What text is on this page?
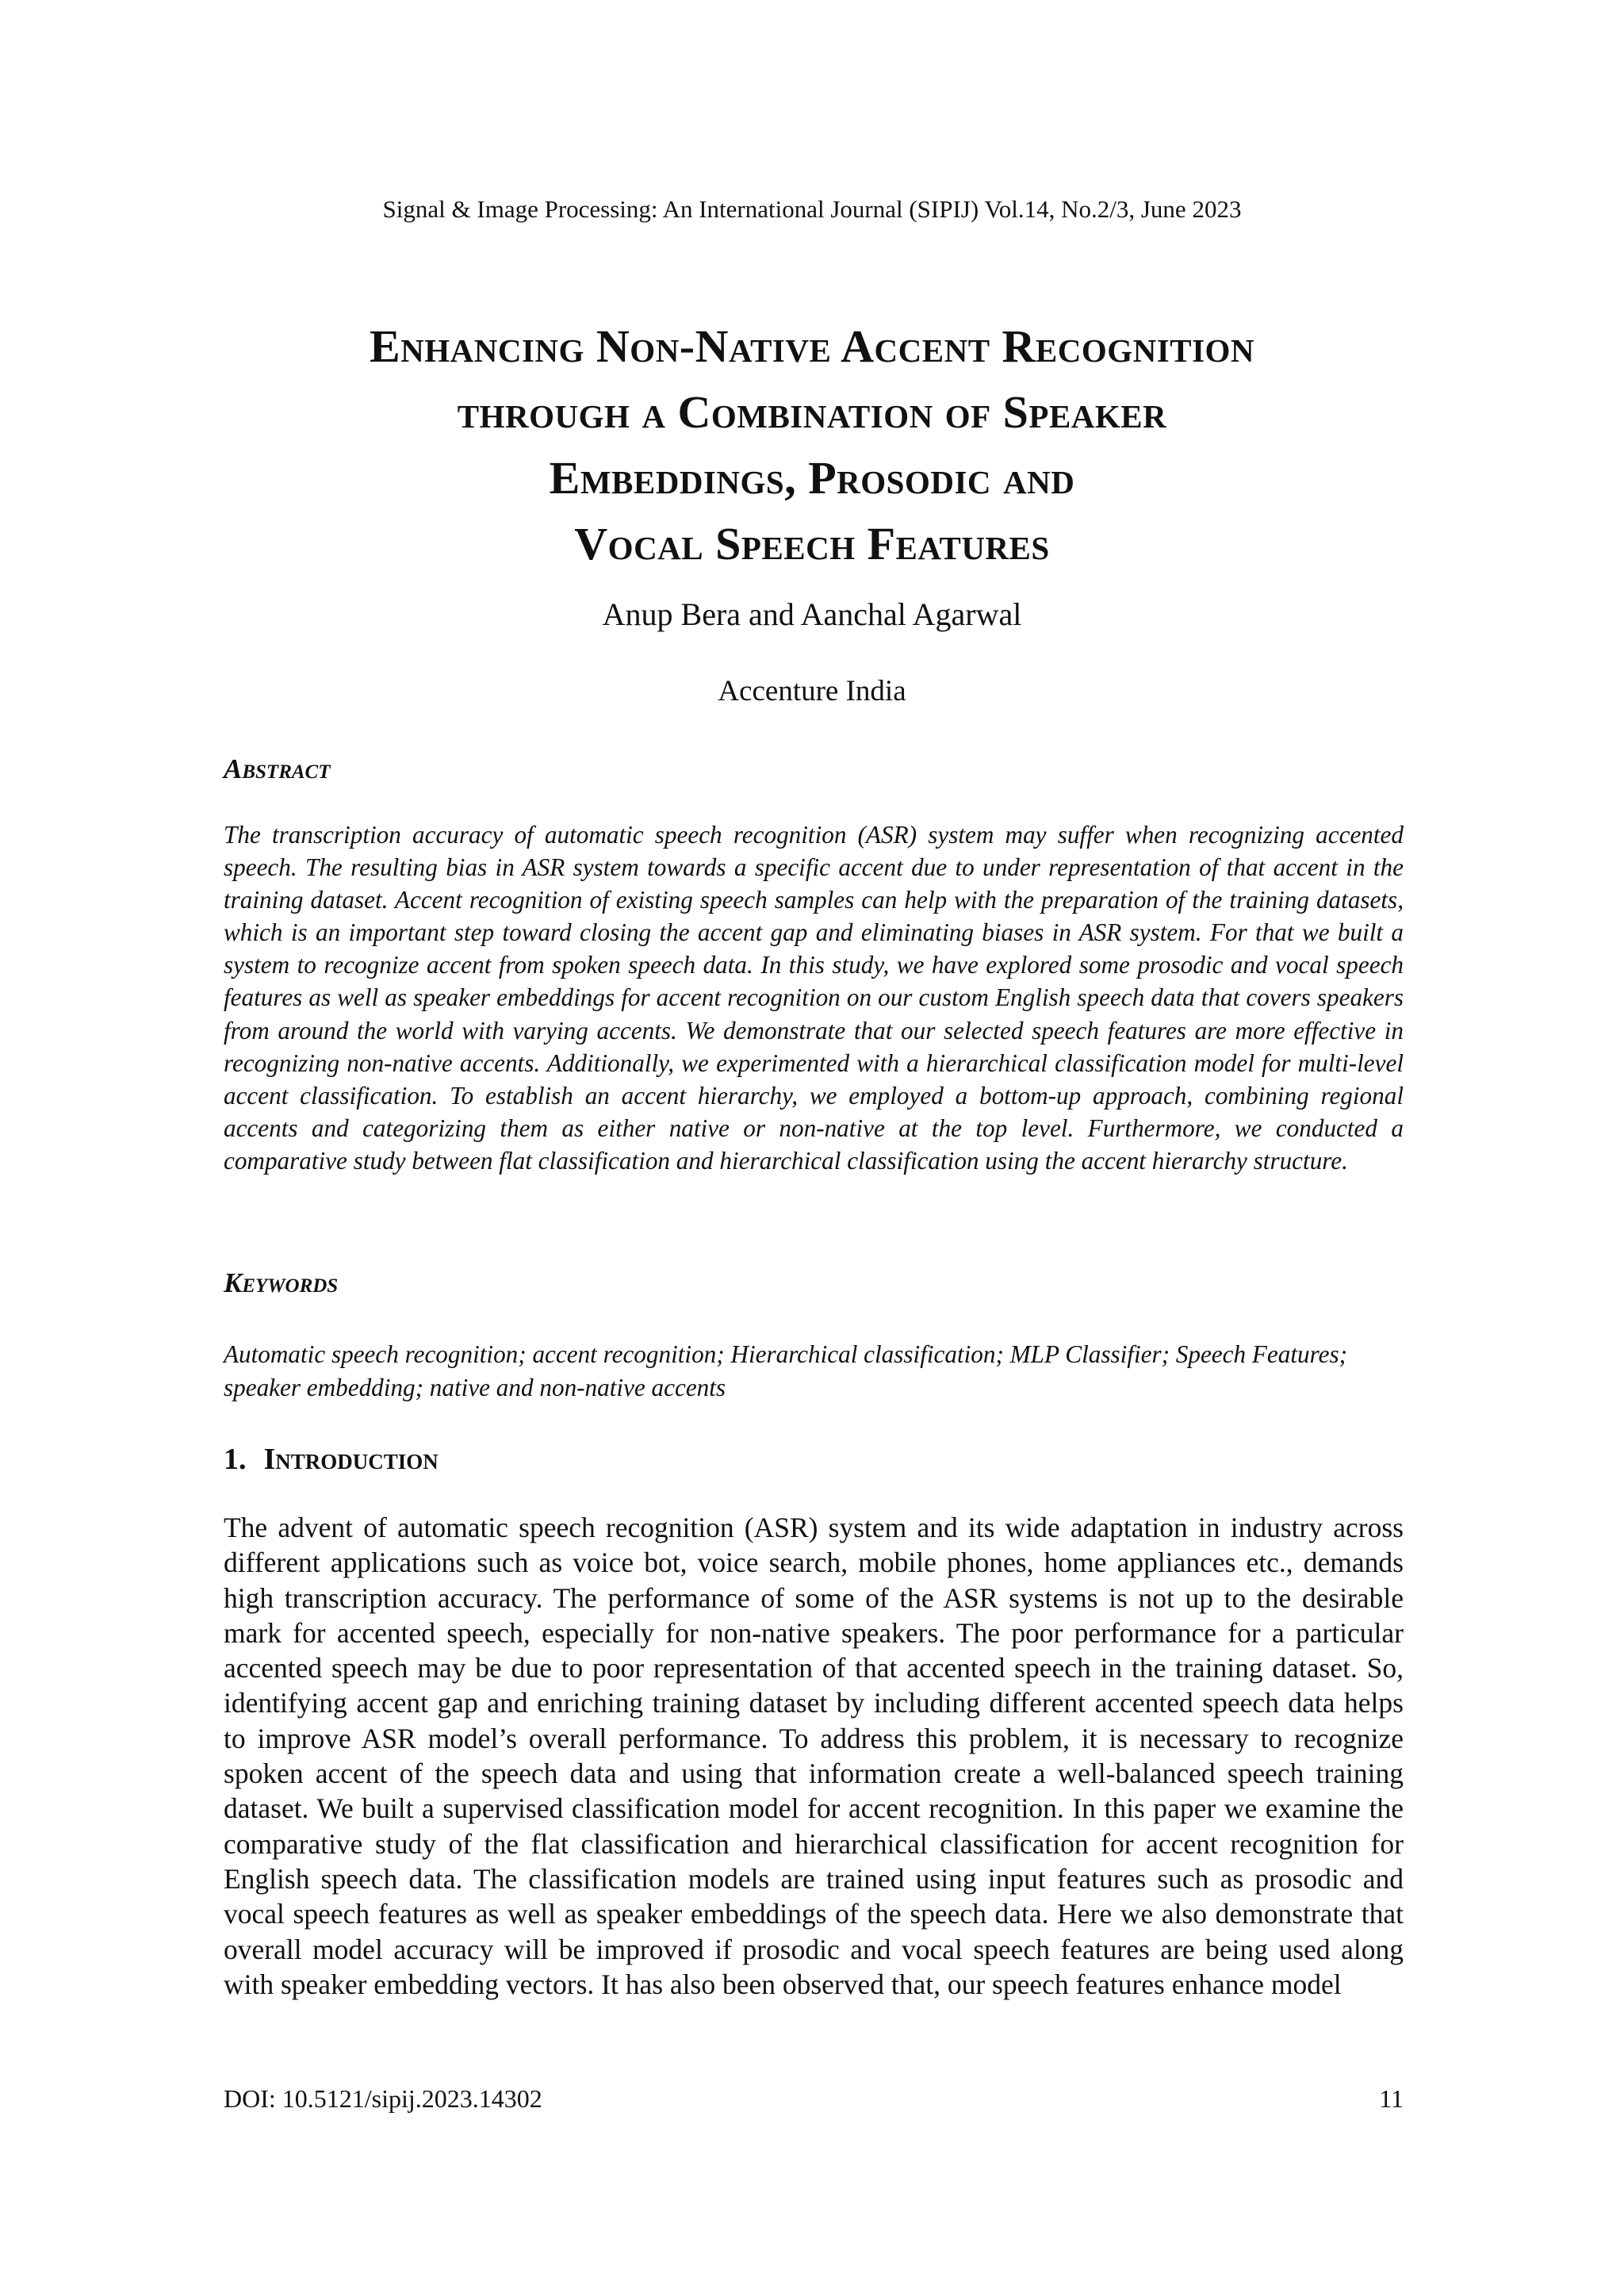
Signal & Image Processing: An International Journal (SIPIJ) Vol.14, No.2/3, June 2023
Enhancing Non-Native Accent Recognition
through a Combination of Speaker
Embeddings, Prosodic and
Vocal Speech Features
Anup Bera and Aanchal Agarwal
Accenture India
Abstract

The transcription accuracy of automatic speech recognition (ASR) system may suffer when recognizing accented speech. The resulting bias in ASR system towards a specific accent due to under representation of that accent in the training dataset. Accent recognition of existing speech samples can help with the preparation of the training datasets, which is an important step toward closing the accent gap and eliminating biases in ASR system. For that we built a system to recognize accent from spoken speech data. In this study, we have explored some prosodic and vocal speech features as well as speaker embeddings for accent recognition on our custom English speech data that covers speakers from around the world with varying accents. We demonstrate that our selected speech features are more effective in recognizing non-native accents. Additionally, we experimented with a hierarchical classification model for multi-level accent classification. To establish an accent hierarchy, we employed a bottom-up approach, combining regional accents and categorizing them as either native or non-native at the top level. Furthermore, we conducted a comparative study between flat classification and hierarchical classification using the accent hierarchy structure.

Keywords

Automatic speech recognition; accent recognition; Hierarchical classification; MLP Classifier; Speech Features; speaker embedding; native and non-native accents

1. Introduction

The advent of automatic speech recognition (ASR) system and its wide adaptation in industry across different applications such as voice bot, voice search, mobile phones, home appliances etc., demands high transcription accuracy. The performance of some of the ASR systems is not up to the desirable mark for accented speech, especially for non-native speakers. The poor performance for a particular accented speech may be due to poor representation of that accented speech in the training dataset. So, identifying accent gap and enriching training dataset by including different accented speech data helps to improve ASR model’s overall performance. To address this problem, it is necessary to recognize spoken accent of the speech data and using that information create a well-balanced speech training dataset. We built a supervised classification model for accent recognition. In this paper we examine the comparative study of the flat classification and hierarchical classification for accent recognition for English speech data. The classification models are trained using input features such as prosodic and vocal speech features as well as speaker embeddings of the speech data. Here we also demonstrate that overall model accuracy will be improved if prosodic and vocal speech features are being used along with speaker embedding vectors. It has also been observed that, our speech features enhance model

DOI: 10.5121/sipij.2023.14302	11
